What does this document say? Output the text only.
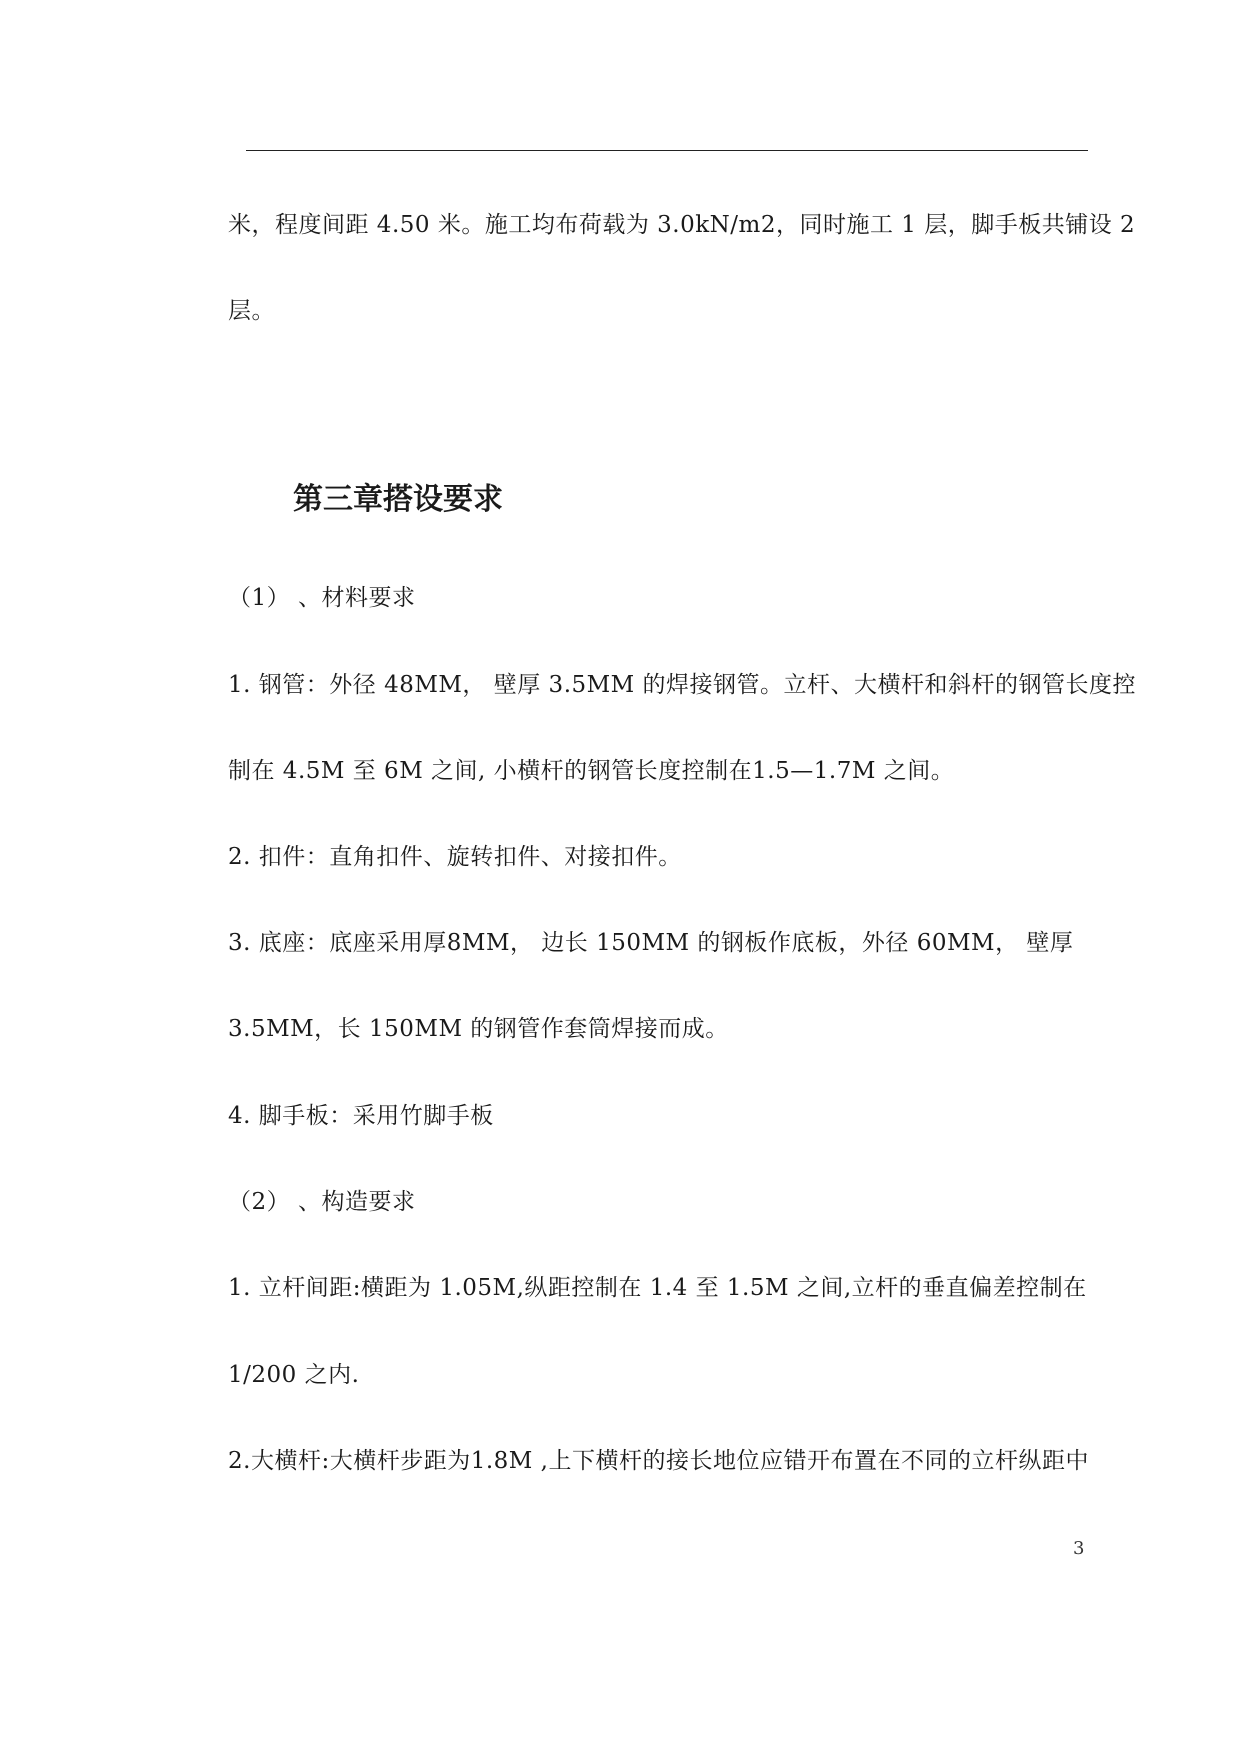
米，程度间距 4.50 米。施工均布荷载为 3.0kN/m2，同时施工 1 层，脚手板共铺设 2
层。
第三章搭设要求
（1） 、材料要求
1. 钢管：外径 48MM， 壁厚 3.5MM 的焊接钢管。立杆、大横杆和斜杆的钢管长度控
制在 4.5M 至 6M 之间, 小横杆的钢管长度控制在1.5—1.7M 之间。
2. 扣件：直角扣件、旋转扣件、对接扣件。
3. 底座：底座采用厚8MM， 边长 150MM 的钢板作底板，外径 60MM， 壁厚
3.5MM，长 150MM 的钢管作套筒焊接而成。
4. 脚手板：采用竹脚手板
（2） 、构造要求
1. 立杆间距:横距为 1.05M,纵距控制在 1.4 至 1.5M 之间,立杆的垂直偏差控制在
1/200 之内.
2.大横杆:大横杆步距为1.8M ,上下横杆的接长地位应错开布置在不同的立杆纵距中
3
